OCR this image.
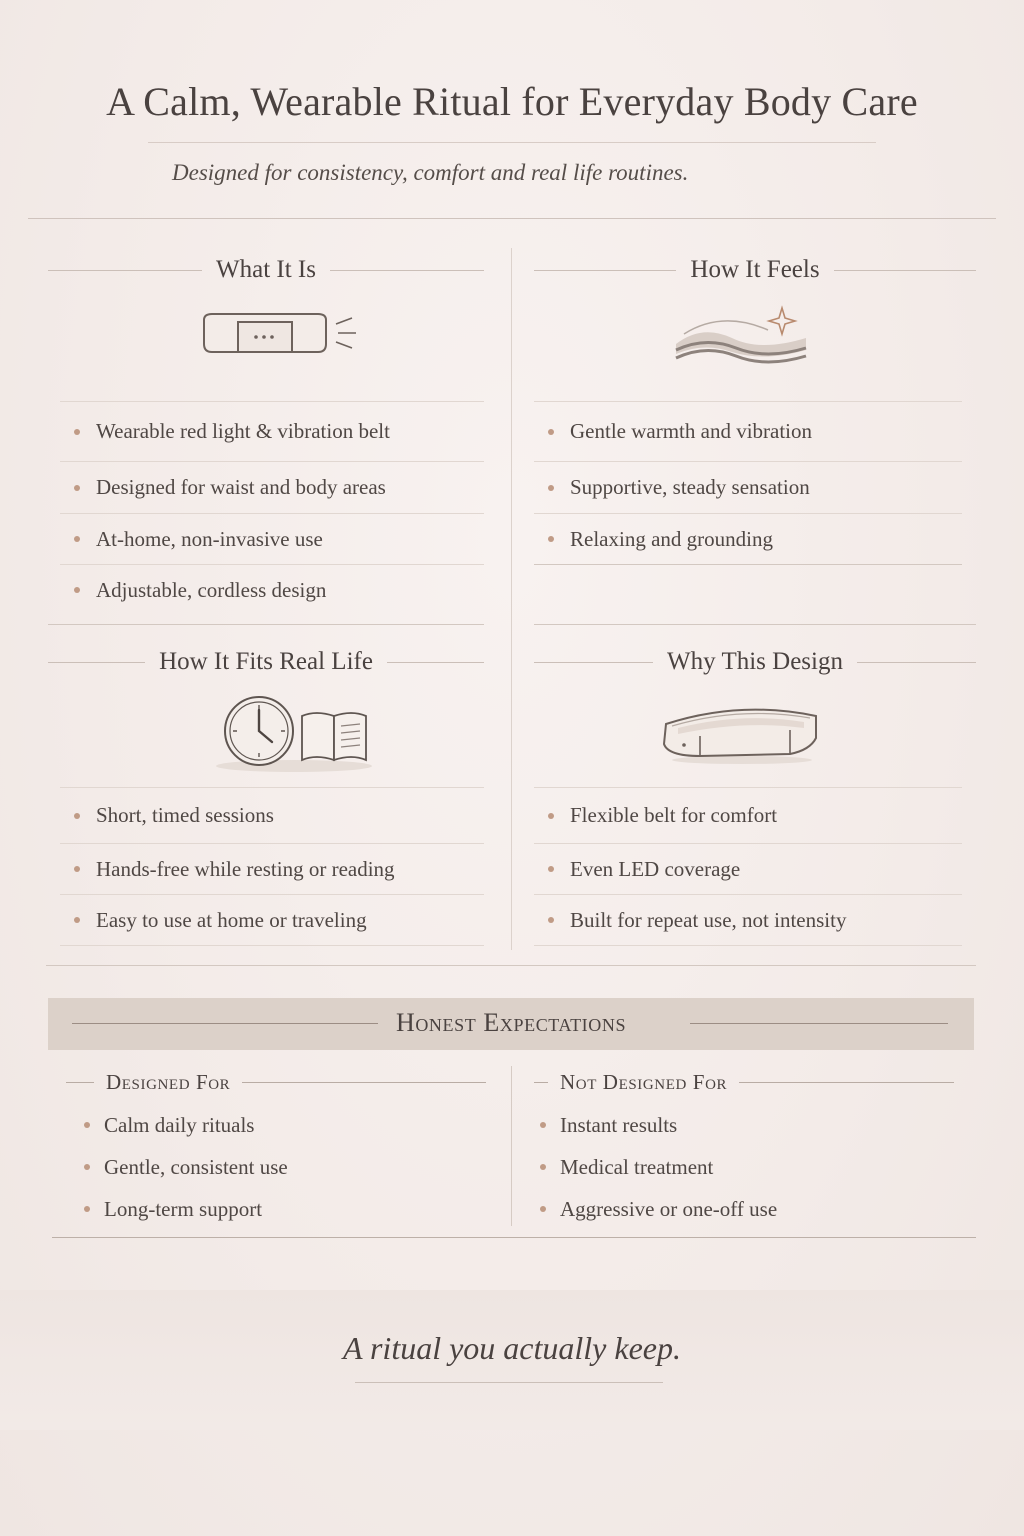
A Calm, Wearable Ritual for Everyday Body Care
Designed for consistency, comfort and real life routines.
What It Is
Wearable red light & vibration belt
Designed for waist and body areas
At-home, non-invasive use
Adjustable, cordless design
How It Feels
Gentle warmth and vibration
Supportive, steady sensation
Relaxing and grounding
How It Fits Real Life
Short, timed sessions
Hands-free while resting or reading
Easy to use at home or traveling
Why This Design
Flexible belt for comfort
Even LED coverage
Built for repeat use, not intensity
Honest Expectations
Designed For
Calm daily rituals
Gentle, consistent use
Long-term support
Not Designed For
Instant results
Medical treatment
Aggressive or one-off use
A ritual you actually keep.
